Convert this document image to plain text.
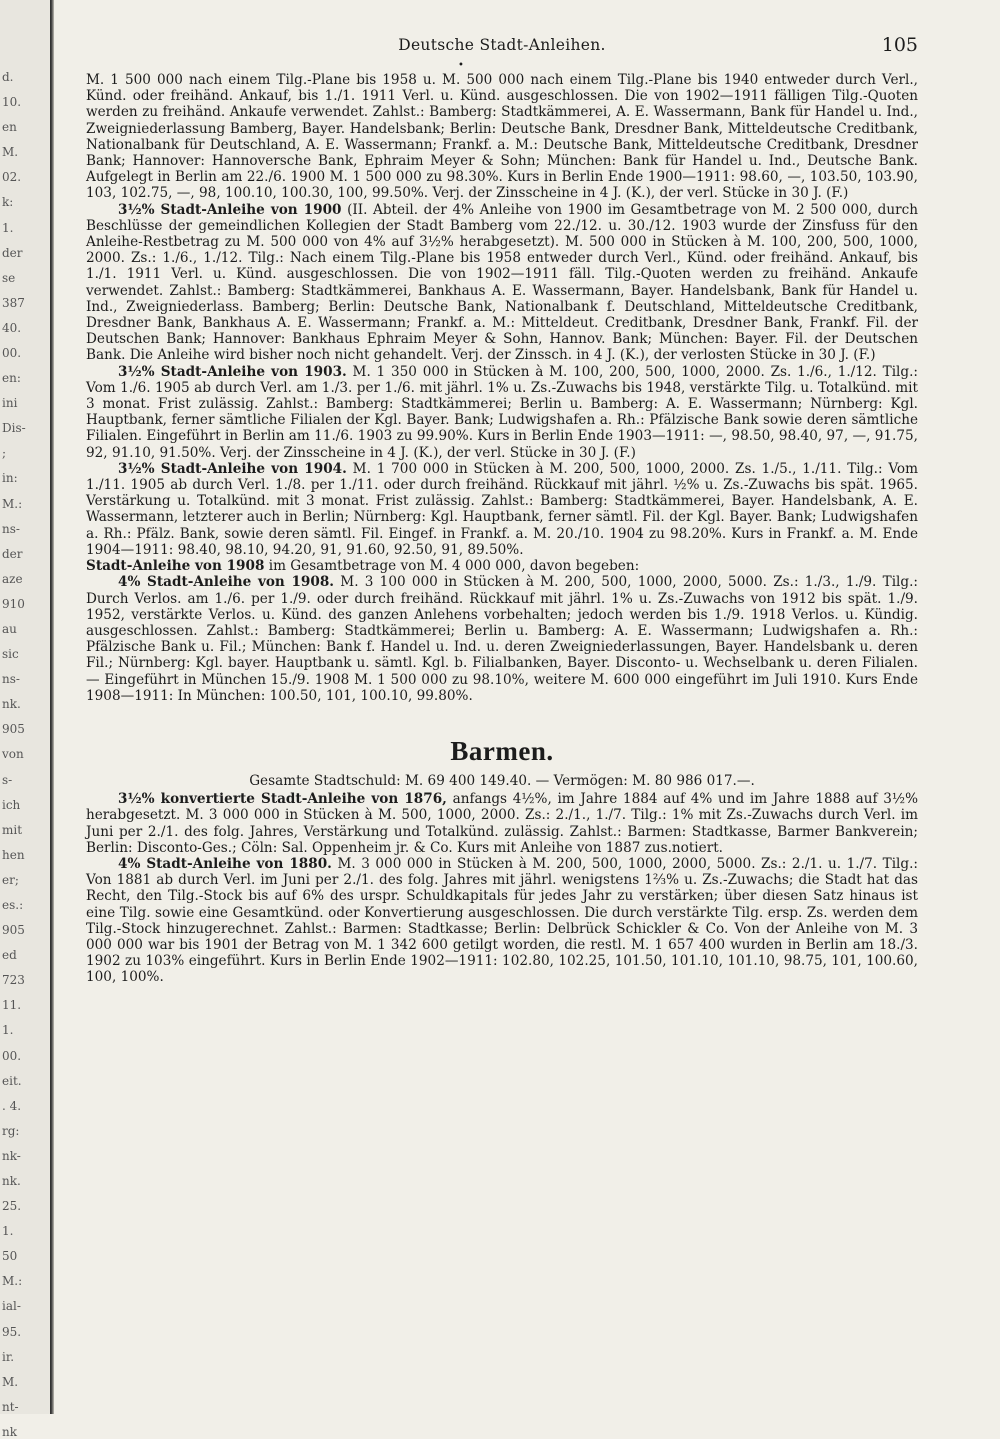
d.
10.
en
M.
02.
k:
1.
der
se
387
40.
00.
en:
ini
Dis-
;
in:
M.:
ns-
der
aze
910
au
sic
ns-
nk.
905
von
s-
ich
mit
hen
er;
es.:
905
ed
723
11.
1.
00.
eit.
. 4.
rg:
nk-
nk.
25.
1.
50
M.:
ial-
95.
ir.
M.
nt-
nk
Deutsche Stadt-Anleihen.	105
•

M. 1 500 000 nach einem Tilg.-Plane bis 1958 u. M. 500 000 nach einem Tilg.-Plane bis 1940 entweder durch Verl., Künd. oder freihänd. Ankauf, bis 1./1. 1911 Verl. u. Künd. ausgeschlossen. Die von 1902—1911 fälligen Tilg.-Quoten werden zu freihänd. Ankaufe verwendet. Zahlst.: Bamberg: Stadtkämmerei, A. E. Wassermann, Bank für Handel u. Ind., Zweigniederlassung Bamberg, Bayer. Handelsbank; Berlin: Deutsche Bank, Dresdner Bank, Mitteldeutsche Creditbank, Nationalbank für Deutschland, A. E. Wassermann; Frankf. a. M.: Deutsche Bank, Mitteldeutsche Creditbank, Dresdner Bank; Hannover: Hannoversche Bank, Ephraim Meyer & Sohn; München: Bank für Handel u. Ind., Deutsche Bank. Aufgelegt in Berlin am 22./6. 1900 M. 1 500 000 zu 98.30%. Kurs in Berlin Ende 1900—1911: 98.60, —, 103.50, 103.90, 103, 102.75, —, 98, 100.10, 100.30, 100, 99.50%. Verj. der Zinsscheine in 4 J. (K.), der verl. Stücke in 30 J. (F.)

3½% Stadt-Anleihe von 1900 (II. Abteil. der 4% Anleihe von 1900 im Gesamtbetrage von M. 2 500 000, durch Beschlüsse der gemeindlichen Kollegien der Stadt Bamberg vom 22./12. u. 30./12. 1903 wurde der Zinsfuss für den Anleihe-Restbetrag zu M. 500 000 von 4% auf 3½% herabgesetzt). M. 500 000 in Stücken à M. 100, 200, 500, 1000, 2000. Zs.: 1./6., 1./12. Tilg.: Nach einem Tilg.-Plane bis 1958 entweder durch Verl., Künd. oder freihänd. Ankauf, bis 1./1. 1911 Verl. u. Künd. ausgeschlossen. Die von 1902—1911 fäll. Tilg.-Quoten werden zu freihänd. Ankaufe verwendet. Zahlst.: Bamberg: Stadtkämmerei, Bankhaus A. E. Wassermann, Bayer. Handelsbank, Bank für Handel u. Ind., Zweigniederlass. Bamberg; Berlin: Deutsche Bank, Nationalbank f. Deutschland, Mitteldeutsche Creditbank, Dresdner Bank, Bankhaus A. E. Wassermann; Frankf. a. M.: Mitteldeut. Creditbank, Dresdner Bank, Frankf. Fil. der Deutschen Bank; Hannover: Bankhaus Ephraim Meyer & Sohn, Hannov. Bank; München: Bayer. Fil. der Deutschen Bank. Die Anleihe wird bisher noch nicht gehandelt. Verj. der Zinssch. in 4 J. (K.), der verlosten Stücke in 30 J. (F.)

3½% Stadt-Anleihe von 1903. M. 1 350 000 in Stücken à M. 100, 200, 500, 1000, 2000. Zs. 1./6., 1./12. Tilg.: Vom 1./6. 1905 ab durch Verl. am 1./3. per 1./6. mit jährl. 1% u. Zs.-Zuwachs bis 1948, verstärkte Tilg. u. Totalkünd. mit 3 monat. Frist zulässig. Zahlst.: Bamberg: Stadtkämmerei; Berlin u. Bamberg: A. E. Wassermann; Nürnberg: Kgl. Hauptbank, ferner sämtliche Filialen der Kgl. Bayer. Bank; Ludwigshafen a. Rh.: Pfälzische Bank sowie deren sämtliche Filialen. Eingeführt in Berlin am 11./6. 1903 zu 99.90%. Kurs in Berlin Ende 1903—1911: —, 98.50, 98.40, 97, —, 91.75, 92, 91.10, 91.50%. Verj. der Zinsscheine in 4 J. (K.), der verl. Stücke in 30 J. (F.)

3½% Stadt-Anleihe von 1904. M. 1 700 000 in Stücken à M. 200, 500, 1000, 2000. Zs. 1./5., 1./11. Tilg.: Vom 1./11. 1905 ab durch Verl. 1./8. per 1./11. oder durch freihänd. Rückkauf mit jährl. ½% u. Zs.-Zuwachs bis spät. 1965. Verstärkung u. Totalkünd. mit 3 monat. Frist zulässig. Zahlst.: Bamberg: Stadtkämmerei, Bayer. Handelsbank, A. E. Wassermann, letzterer auch in Berlin; Nürnberg: Kgl. Hauptbank, ferner sämtl. Fil. der Kgl. Bayer. Bank; Ludwigshafen a. Rh.: Pfälz. Bank, sowie deren sämtl. Fil. Eingef. in Frankf. a. M. 20./10. 1904 zu 98.20%. Kurs in Frankf. a. M. Ende 1904—1911: 98.40, 98.10, 94.20, 91, 91.60, 92.50, 91, 89.50%.

Stadt-Anleihe von 1908 im Gesamtbetrage von M. 4 000 000, davon begeben:

4% Stadt-Anleihe von 1908. M. 3 100 000 in Stücken à M. 200, 500, 1000, 2000, 5000. Zs.: 1./3., 1./9. Tilg.: Durch Verlos. am 1./6. per 1./9. oder durch freihänd. Rückkauf mit jährl. 1% u. Zs.-Zuwachs von 1912 bis spät. 1./9. 1952, verstärkte Verlos. u. Künd. des ganzen Anlehens vorbehalten; jedoch werden bis 1./9. 1918 Verlos. u. Kündig. ausgeschlossen. Zahlst.: Bamberg: Stadtkämmerei; Berlin u. Bamberg: A. E. Wassermann; Ludwigshafen a. Rh.: Pfälzische Bank u. Fil.; München: Bank f. Handel u. Ind. u. deren Zweigniederlassungen, Bayer. Handelsbank u. deren Fil.; Nürnberg: Kgl. bayer. Hauptbank u. sämtl. Kgl. b. Filialbanken, Bayer. Disconto- u. Wechselbank u. deren Filialen. — Eingeführt in München 15./9. 1908 M. 1 500 000 zu 98.10%, weitere M. 600 000 eingeführt im Juli 1910. Kurs Ende 1908—1911: In München: 100.50, 101, 100.10, 99.80%.

Barmen.
Gesamte Stadtschuld: M. 69 400 149.40. — Vermögen: M. 80 986 017.—.

3½% konvertierte Stadt-Anleihe von 1876, anfangs 4½%, im Jahre 1884 auf 4% und im Jahre 1888 auf 3½% herabgesetzt. M. 3 000 000 in Stücken à M. 500, 1000, 2000. Zs.: 2./1., 1./7. Tilg.: 1% mit Zs.-Zuwachs durch Verl. im Juni per 2./1. des folg. Jahres, Verstärkung und Totalkünd. zulässig. Zahlst.: Barmen: Stadtkasse, Barmer Bankverein; Berlin: Disconto-Ges.; Cöln: Sal. Oppenheim jr. & Co. Kurs mit Anleihe von 1887 zus.notiert.

4% Stadt-Anleihe von 1880. M. 3 000 000 in Stücken à M. 200, 500, 1000, 2000, 5000. Zs.: 2./1. u. 1./7. Tilg.: Von 1881 ab durch Verl. im Juni per 2./1. des folg. Jahres mit jährl. wenigstens 1⅔% u. Zs.-Zuwachs; die Stadt hat das Recht, den Tilg.-Stock bis auf 6% des urspr. Schuldkapitals für jedes Jahr zu verstärken; über diesen Satz hinaus ist eine Tilg. sowie eine Gesamtkünd. oder Konvertierung ausgeschlossen. Die durch verstärkte Tilg. ersp. Zs. werden dem Tilg.-Stock hinzugerechnet. Zahlst.: Barmen: Stadtkasse; Berlin: Delbrück Schickler & Co. Von der Anleihe von M. 3 000 000 war bis 1901 der Betrag von M. 1 342 600 getilgt worden, die restl. M. 1 657 400 wurden in Berlin am 18./3. 1902 zu 103% eingeführt. Kurs in Berlin Ende 1902—1911: 102.80, 102.25, 101.50, 101.10, 101.10, 98.75, 101, 100.60, 100, 100%.
